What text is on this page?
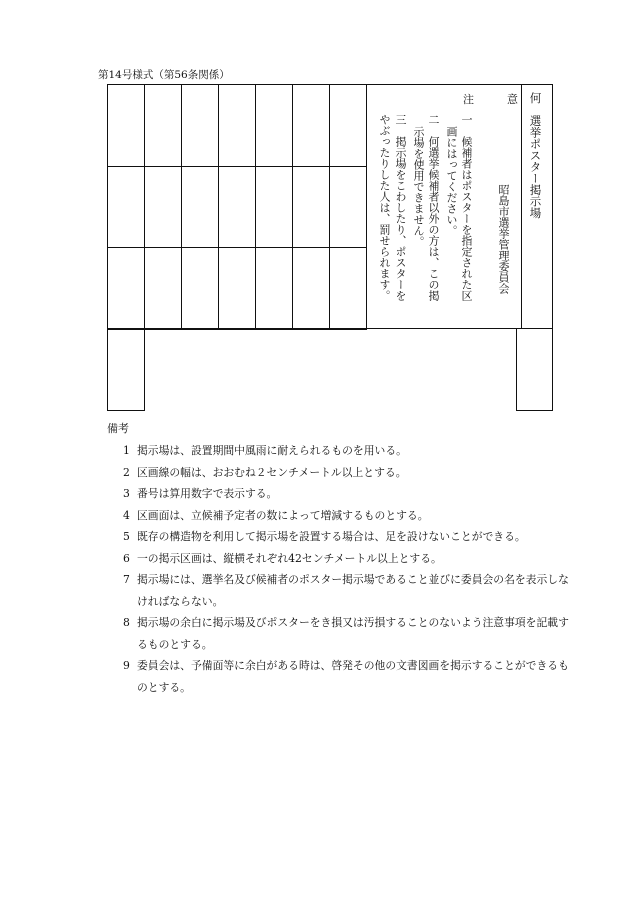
第14号様式（第56条関係）
何　選挙ポスター掲示場
昭島市選挙管理委員会
注　　　意
一　候補者はポスターを指定された区
画にはってください。
二　何選挙候補者以外の方は、この掲
示場を使用できません。
三　掲示場をこわしたり、ポスターを
やぶったりした人は、罰せられます。
備考

1 掲示場は、設置期間中風雨に耐えられるものを用いる。

2 区画線の幅は、おおむね２センチメートル以上とする。

3 番号は算用数字で表示する。

4 区画面は、立候補予定者の数によって増減するものとする。

5 既存の構造物を利用して掲示場を設置する場合は、足を設けないことができる。

6 一の掲示区画は、縦横それぞれ42センチメートル以上とする。

7 掲示場には、選挙名及び候補者のポスター掲示場であること並びに委員会の名を表示しなければならない。

8 掲示場の余白に掲示場及びポスターをき損又は汚損することのないよう注意事項を記載するものとする。

9 委員会は、予備面等に余白がある時は、啓発その他の文書図画を掲示することができるものとする。
